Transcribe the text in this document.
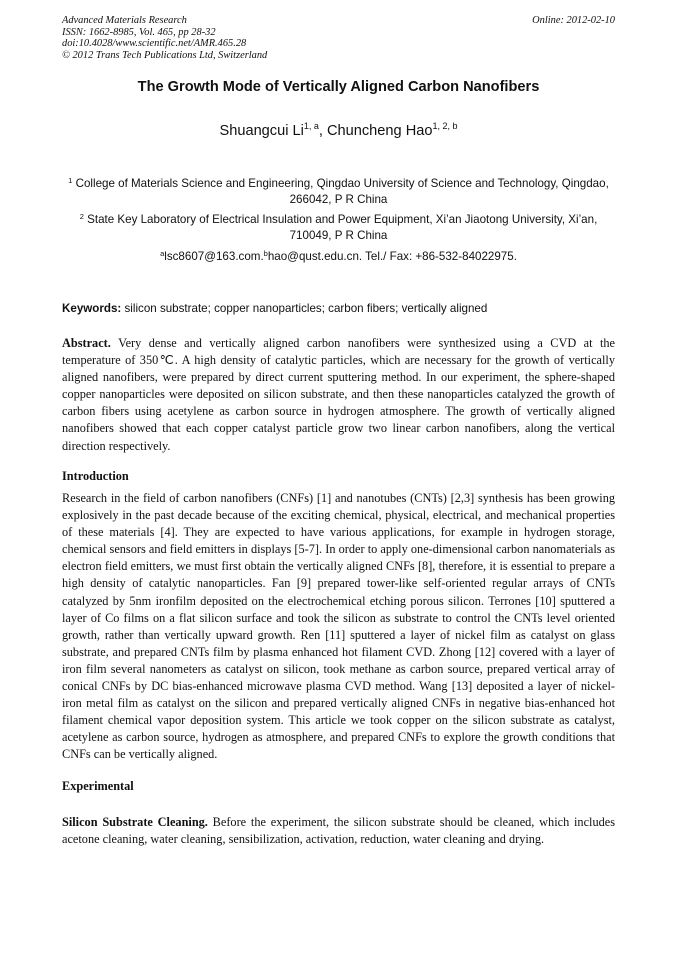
Advanced Materials Research
ISSN: 1662-8985, Vol. 465, pp 28-32
doi:10.4028/www.scientific.net/AMR.465.28
© 2012 Trans Tech Publications Ltd, Switzerland
Online: 2012-02-10
The Growth Mode of Vertically Aligned Carbon Nanofibers
Shuangcui Li$^{1, a}$, Chuncheng Hao$^{1, 2, b}$
$^1$ College of Materials Science and Engineering, Qingdao University of Science and Technology, Qingdao, 266042, P R China
$^2$ State Key Laboratory of Electrical Insulation and Power Equipment, Xi’an Jiaotong University, Xi’an, 710049, P R China
$^a$lsc8607@163.com.$^b$hao@qust.edu.cn. Tel./ Fax: +86-532-84022975.
Keywords: silicon substrate; copper nanoparticles; carbon fibers; vertically aligned
Abstract. Very dense and vertically aligned carbon nanofibers were synthesized using a CVD at the temperature of 350℃. A high density of catalytic particles, which are necessary for the growth of vertically aligned nanofibers, were prepared by direct current sputtering method. In our experiment, the sphere-shaped copper nanoparticles were deposited on silicon substrate, and then these nanoparticles catalyzed the growth of carbon fibers using acetylene as carbon source in hydrogen atmosphere. The growth of vertically aligned nanofibers showed that each copper catalyst particle grow two linear carbon nanofibers, along the vertical direction respectively.
Introduction
Research in the field of carbon nanofibers (CNFs) [1] and nanotubes (CNTs) [2,3] synthesis has been growing explosively in the past decade because of the exciting chemical, physical, electrical, and mechanical properties of these materials [4]. They are expected to have various applications, for example in hydrogen storage, chemical sensors and field emitters in displays [5-7]. In order to apply one-dimensional carbon nanomaterials as electron field emitters, we must first obtain the vertically aligned CNFs [8], therefore, it is essential to prepare a high density of catalytic nanoparticles. Fan [9] prepared tower-like self-oriented regular arrays of CNTs catalyzed by 5nm ironfilm deposited on the electrochemical etching porous silicon. Terrones [10] sputtered a layer of Co films on a flat silicon surface and took the silicon as substrate to control the CNTs level oriented growth, rather than vertically upward growth. Ren [11] sputtered a layer of nickel film as catalyst on glass substrate, and prepared CNTs film by plasma enhanced hot filament CVD. Zhong [12] covered with a layer of iron film several nanometers as catalyst on silicon, took methane as carbon source, prepared vertical array of conical CNFs by DC bias-enhanced microwave plasma CVD method. Wang [13] deposited a layer of nickel-iron metal film as catalyst on the silicon and prepared vertically aligned CNFs in negative bias-enhanced hot filament chemical vapor deposition system. This article we took copper on the silicon substrate as catalyst, acetylene as carbon source, hydrogen as atmosphere, and prepared CNFs to explore the growth conditions that CNFs can be vertically aligned.
Experimental
Silicon Substrate Cleaning. Before the experiment, the silicon substrate should be cleaned, which includes acetone cleaning, water cleaning, sensibilization, activation, reduction, water cleaning and drying.
